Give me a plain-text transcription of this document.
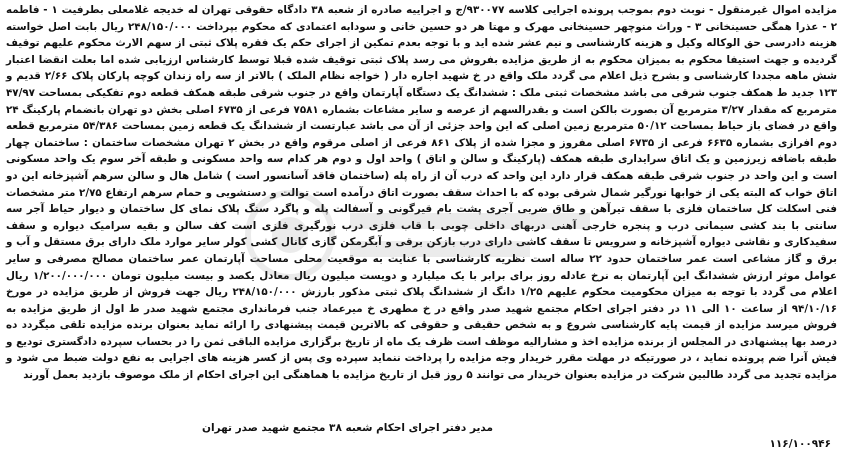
مزایده اموال غیرمنقول - نوبت دوم بموجب پرونده اجرایی کلاسه ۹۳۰۰۷۷/ج و اجراییه صادره از شعبه ۳۸ دادگاه حقوقی تهران له خدیجه غلامعلی بطرفیت ۱ - فاطمه ۲ - عذرا همگی حسینخانی ۳ - وراث منوچهر حسینخانی مهرک و مهتا هر دو حسین خانی و سودابه اعتمادی که محکوم بپرداخت ۲۴۸/۱۵۰/۰۰۰ ریال بابت اصل خواسته هزینه دادرسی حق الوکاله وکیل و هزینه کارشناسی و نیم عشر شده اید و با توجه بعدم تمکین از اجرای حکم یک فقره پلاک ثبتی از سهم الارث محکوم علیهم توقیف گردیده و جهت استیفا محکوم به بمیزان محکوم به از طریق مزایده بفروش می رسد پلاک ثبتی توقیف شده قبلا توسط کارشناس ارزیابی شده اما بعلت انقضا اعتبار شش ماهه مجددا کارشناسی و بشرح ذیل اعلام می گردد ملک واقع در خ شهید اجاره دار ( خواجه نظام الملک ) بالاتر از سه راه زندان کوچه پارکان پلاک ۲/۶۶ قدیم و ۱۲۳ جدید ط همکف جنوب شرقی می باشد مشخصات ثبتی ملک : ششدانگ یک دستگاه آپارتمان واقع در جنوب شرقی طبقه همکف قطعه دوم تفکیکی بمساحت ۴۷/۹۷ مترمربع که مقدار ۳/۲۷ مترمربع آن بصورت بالکن است و بقدرالسهم از عرصه و سایر مشاعات بشماره ۷۵۸۱ فرعی از ۶۷۳۵ اصلی بخش دو تهران بانضمام پارکینگ ۲۴ واقع در فضای باز حیاط بمساحت ۵۰/۱۲ مترمربع زمین اصلی که این واحد جزئی از آن می باشد عبارتست از ششدانگ یک قطعه زمین بمساحت ۵۴/۳۸۶ مترمربع قطعه دوم افرازی بشماره ۶۶۳۵ فرعی از ۶۷۳۵ اصلی مفروز و مجزا شده از پلاک ۸۶۱ فرعی از اصلی مرقوم واقع در بخش ۲ تهران مشخصات ساختمان : ساختمان چهار طبقه باضافه زیرزمین و یک اتاق سرایداری طبقه همکف (پارکینگ و سالن و اتاق ) واحد اول و دوم هر کدام سه واحد مسکونی و طبقه آخر سوم یک واحد مسکونی است و این واحد در جنوب شرقی طبقه همکف قرار دارد این واحد که درب آن از راه پله (ساختمان فاقد آسانسور است ) شامل هال و سالن سرهم آشپزخانه این دو اتاق خواب که البته یکی از خوابها نورگیر شمال شرقی بوده که با احداث سقف بصورت اتاق درآمده است توالت و دستشویی و حمام سرهم ارتفاع ۲/۷۵ متر مشخصات فنی اسکلت کل ساختمان فلزی با سقف تیرآهن و طاق ضربی آجری پشت بام قیرگونی و آسفالت پله و پاگرد سنگ پلاک نمای کل ساختمان و دیوار حیاط آجر سه سانتی با بند کشی سیمانی درب و پنجره خارجی آهنی دربهای داخلی چوبی با قاب فلزی درب نورگیری فلزی است کف سالن و بقیه سرامیک دیواره و سقف سفیدکاری و نقاشی دیواره آشپزخانه و سرویس تا سقف کاشی دارای درب بازکن برقی و آبگرمکن گازی کانال کشی کولر سایر موارد ملک دارای برق مستقل و آب و برق و گاز مشاعی است عمر ساختمان حدود ۲۲ ساله است نظریه کارشناسی با عنایت به موقعیت محلی مساحت آپارتمان عمر ساختمان مصالح مصرفی و سایر عوامل موثر ارزش ششدانگ این آپارتمان به نرخ عادله روز برای برابر با یک میلیارد و دویست میلیون ریال معادل یکصد و بیست میلیون تومان ۱/۲۰۰/۰۰۰/۰۰۰ ریال اعلام می گردد با توجه به میزان محکومیت محکوم علیهم ۱/۲۵ دانگ از ششدانگ پلاک ثبتی مذکور بارزش ۲۴۸/۱۵۰/۰۰۰ ریال جهت فروش از طریق مزایده در مورخ ۹۴/۱۰/۱۶ از ساعت ۱۰ الی ۱۱ در دفتر اجرای احکام مجتمع شهید صدر واقع در خ مطهری خ میرعماد جنب فرمانداری مجتمع شهید صدر ط اول از طریق مزایده به فروش میرسد مزایده از قیمت پایه کارشناسی شروع و به شخص حقیقی و حقوقی که بالاترین قیمت پیشنهادی را ارائه نماید بعنوان برنده مزایده تلقی میگردد ده درصد بها پیشنهادی در المجلس از برنده مزایده اخذ و مشارالیه موظف است ظرف یک ماه از تاریخ برگزاری مزایده الباقی ثمن را در بحساب سپرده دادگستری تودیع و فیش آنرا ضم پرونده نماید ، در صورتیکه در مهلت مقرر خریدار وجه مزایده را پرداخت ننماید سپرده وی پس از کسر هزینه های اجرایی به نفع دولت ضبط می شود و مزایده تجدید می گردد طالبین شرکت در مزایده بعنوان خریدار می توانند ۵ روز قبل از تاریخ مزایده با هماهنگی این اجرای احکام از ملک موصوف بازدید بعمل آورند

مدیر دفتر اجرای احکام شعبه ۳۸ مجتمع شهید صدر تهران
۱۱۶/۱۰۰۹۴۶
